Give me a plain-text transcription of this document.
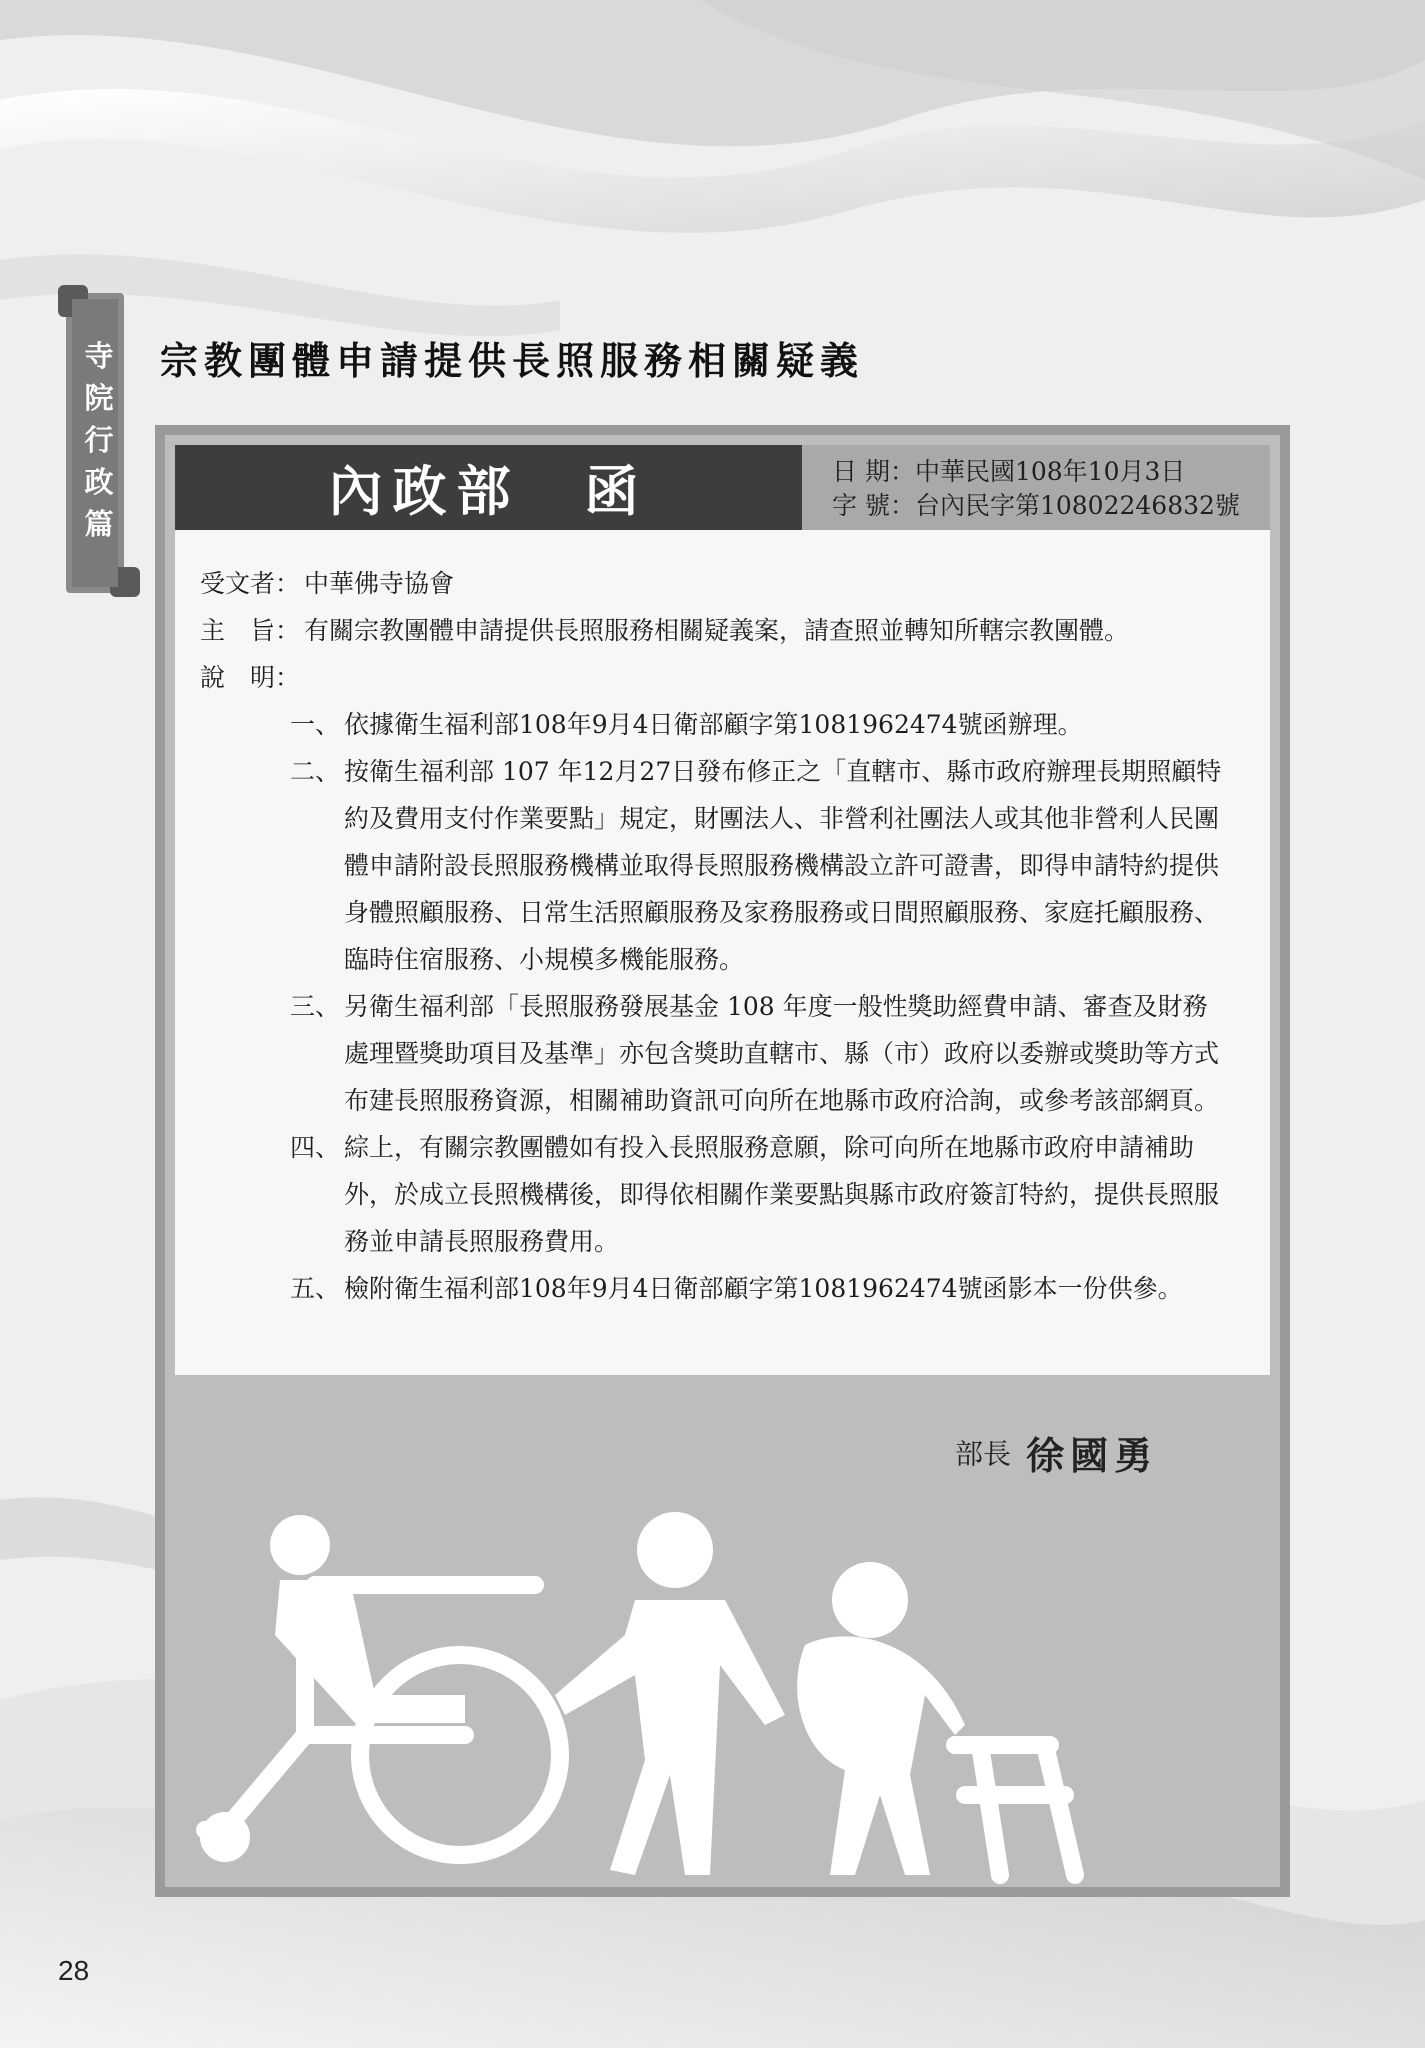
寺
院
行
政
篇
宗教團體申請提供長照服務相關疑義
內政部　函	日 期：中華民國108年10月3日
字 號：台內民字第10802246832號
受文者： 中華佛寺協會
主　旨： 有關宗教團體申請提供長照服務相關疑義案，請查照並轉知所轄宗教團體。
說　明：
一、 依據衛生福利部108年9月4日衛部顧字第1081962474號函辦理。
二、 按衛生福利部 107 年12月27日發布修正之「直轄市、縣市政府辦理長期照顧特約及費用支付作業要點」規定，財團法人、非營利社團法人或其他非營利人民團體申請附設長照服務機構並取得長照服務機構設立許可證書，即得申請特約提供身體照顧服務、日常生活照顧服務及家務服務或日間照顧服務、家庭托顧服務、臨時住宿服務、小規模多機能服務。
三、 另衛生福利部「長照服務發展基金 108 年度一般性獎助經費申請、審查及財務處理暨獎助項目及基準」亦包含獎助直轄市、縣（市）政府以委辦或獎助等方式布建長照服務資源，相關補助資訊可向所在地縣市政府洽詢，或參考該部網頁。
四、 綜上，有關宗教團體如有投入長照服務意願，除可向所在地縣市政府申請補助外，於成立長照機構後，即得依相關作業要點與縣市政府簽訂特約，提供長照服務並申請長照服務費用。
五、 檢附衛生福利部108年9月4日衛部顧字第1081962474號函影本一份供參。
部長 徐國勇
28
